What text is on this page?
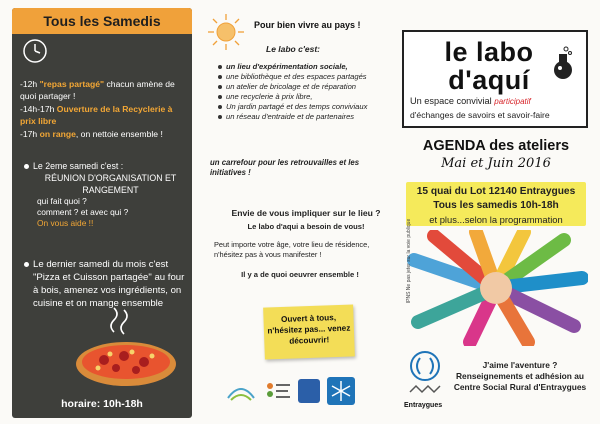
Tous les Samedis

-12h "repas partagé" chacun amène de quoi partager !

-14h-17h Ouverture de la Recyclerie à prix libre

-17h on range, on nettoie ensemble !

Le 2eme samedi c'est :
RÉUNION D'ORGANISATION ET RANGEMENT
qui fait quoi ?
comment ? et avec qui ?
On vous aide !!
Le dernier samedi du mois c'est "Pizza et Cuisson partagée" au four à bois, amenez vos ingrédients, on cuisine et on mange ensemble
horaire: 10h-18h
Pour bien vivre au pays !
Le labo c'est:
un lieu d'expérimentation sociale,
une bibliothèque et des espaces partagés
un atelier de bricolage et de réparation
une recyclerie à prix libre,
Un jardin partagé et des temps conviviaux
un réseau d'entraide et de partenaires
un carrefour pour les retrouvailles et les initiatives !
Envie de vous impliquer sur le lieu ?
Le labo d'aqui a besoin de vous!
Peut importe votre âge, votre lieu de résidence, n'hésitez pas à vous manifester !
Il y a de quoi oeuvrer ensemble !
Ouvert à tous, n'hésitez pas... venez découvrir!
le labo
d'aquí
Un espace convivial participatif
d'échanges de savoirs et savoir-faire
AGENDA des ateliers
Mai et Juin 2016
15 quai du Lot 12140 Entraygues
Tous les samedis 10h-18h
et plus...selon la programmation
IPNS Ne pas jeter sur la voie publique
Entraygues
J'aime l'aventure ? Renseignements et adhésion au Centre Social Rural d'Entraygues
